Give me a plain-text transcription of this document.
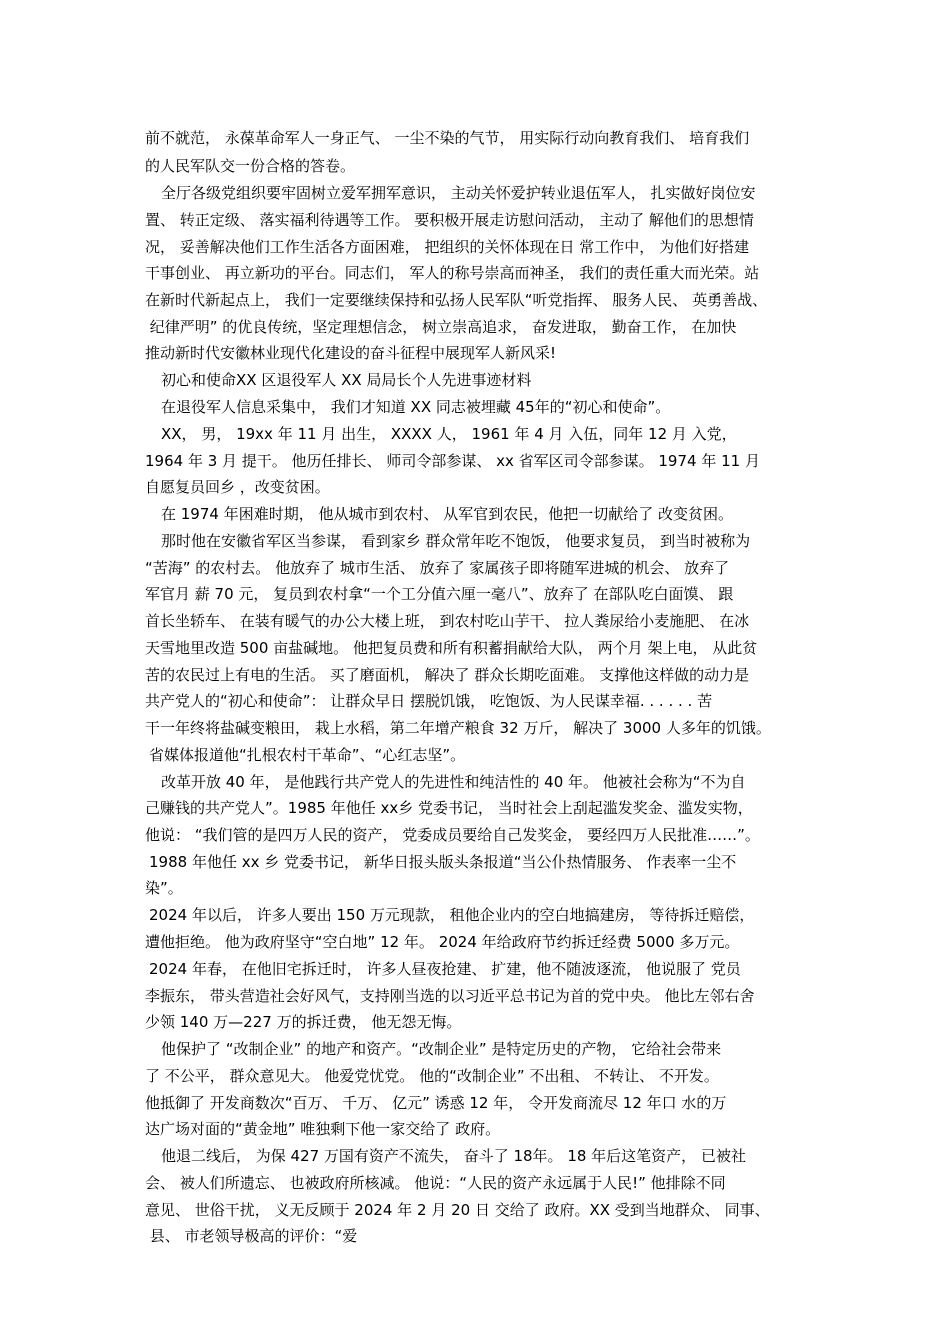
前不就范， 永葆革命军人一身正气、 一尘不染的气节， 用实际行动向教育我们、 培育我们
的人民军队交一份合格的答卷。
全厅各级党组织要牢固树立爱军拥军意识， 主动关怀爱护转业退伍军人， 扎实做好岗位安
置、 转正定级、 落实福利待遇等工作。 要积极开展走访慰问活动， 主动了 解他们的思想情
况， 妥善解决他们工作生活各方面困难， 把组织的关怀体现在日 常工作中， 为他们好搭建
干事创业、 再立新功的平台。同志们， 军人的称号崇高而神圣， 我们的责任重大而光荣。站
在新时代新起点上， 我们一定要继续保持和弘扬人民军队“听党指挥、 服务人民、 英勇善战、
纪律严明” 的优良传统，坚定理想信念， 树立崇高追求， 奋发进取， 勤奋工作， 在加快
推动新时代安徽林业现代化建设的奋斗征程中展现军人新风采!
初心和使命XX 区退役军人 XX 局局长个人先进事迹材料
在退役军人信息采集中， 我们才知道 XX 同志被埋藏 45年的“初心和使命”。
XX， 男， 19xx 年 11 月 出生， XXXX 人， 1961 年 4 月 入伍，同年 12 月 入党，
1964 年 3 月 提干。 他历任排长、 师司令部参谋、 xx 省军区司令部参谋。 1974 年 11 月
自愿复员回乡 ，改变贫困。
在 1974 年困难时期， 他从城市到农村、 从军官到农民，他把一切献给了 改变贫困。
那时他在安徽省军区当参谋， 看到家乡 群众常年吃不饱饭， 他要求复员， 到当时被称为
“苦海” 的农村去。 他放弃了 城市生活、 放弃了 家属孩子即将随军进城的机会、 放弃了
军官月 薪 70 元， 复员到农村拿“一个工分值六厘一毫八”、放弃了 在部队吃白面馍、 跟
首长坐轿车、 在装有暖气的办公大楼上班， 到农村吃山芋干、 拉人粪尿给小麦施肥、 在冰
天雪地里改造 500 亩盐碱地。 他把复员费和所有积蓄捐献给大队， 两个月 架上电， 从此贫
苦的农民过上有电的生活。 买了磨面机， 解决了 群众长期吃面难。 支撑他这样做的动力是
共产党人的“初心和使命”： 让群众早日 摆脱饥饿， 吃饱饭、为人民谋幸福. . . . . . 苦
干一年终将盐碱变粮田， 栽上水稻，第二年增产粮食 32 万斤， 解决了 3000 人多年的饥饿。
省媒体报道他“扎根农村干革命”、“心红志坚”。
改革开放 40 年， 是他践行共产党人的先进性和纯洁性的 40 年。 他被社会称为“不为自
己赚钱的共产党人”。1985 年他任 xx乡 党委书记， 当时社会上刮起滥发奖金、滥发实物，
他说： “我们管的是四万人民的资产， 党委成员要给自己发奖金， 要经四万人民批准……”。
1988 年他任 xx 乡 党委书记， 新华日报头版头条报道“当公仆热情服务、 作表率一尘不
染”。
2024 年以后， 许多人要出 150 万元现款， 租他企业内的空白地搞建房， 等待拆迁赔偿，
遭他拒绝。 他为政府坚守“空白地” 12 年。 2024 年给政府节约拆迁经费 5000 多万元。
2024 年春， 在他旧宅拆迁时， 许多人昼夜抢建、 扩建，他不随波逐流， 他说服了 党员
李振东， 带头营造社会好风气，支持刚当选的以习近平总书记为首的党中央。 他比左邻右舍
少领 140 万—227 万的拆迁费， 他无怨无悔。
他保护了 “改制企业” 的地产和资产。“改制企业” 是特定历史的产物， 它给社会带来
了 不公平， 群众意见大。 他爱党忧党。 他的“改制企业” 不出租、 不转让、 不开发。
他抵御了 开发商数次“百万、 千万、 亿元” 诱惑 12 年， 令开发商流尽 12 年口 水的万
达广场对面的“黄金地” 唯独剩下他一家交给了 政府。
他退二线后， 为保 427 万国有资产不流失， 奋斗了 18年。 18 年后这笔资产， 已被社
会、 被人们所遗忘、 也被政府所核减。 他说：“人民的资产永远属于人民!” 他排除不同
意见、 世俗干扰， 义无反顾于 2024 年 2 月 20 日 交给了 政府。XX 受到当地群众、 同事、
县、 市老领导极高的评价：“爱
